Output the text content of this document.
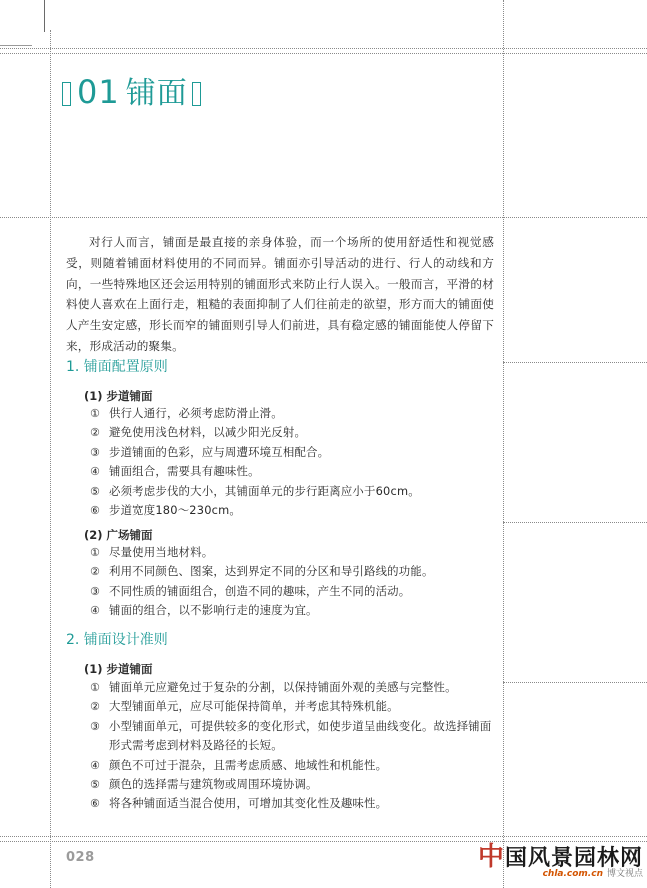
01 铺面

对行人而言，铺面是最直接的亲身体验，而一个场所的使用舒适性和视觉感受，则随着铺面材料使用的不同而异。铺面亦引导活动的进行、行人的动线和方向，一些特殊地区还会运用特别的铺面形式来防止行人误入。一般而言，平滑的材料使人喜欢在上面行走，粗糙的表面抑制了人们往前走的欲望，形方而大的铺面使人产生安定感，形长而窄的铺面则引导人们前进，具有稳定感的铺面能使人停留下来，形成活动的聚集。

1. 铺面配置原则
(1) 步道铺面
① 供行人通行，必须考虑防滑止滑。
② 避免使用浅色材料，以减少阳光反射。
③ 步道铺面的色彩，应与周遭环境互相配合。
④ 铺面组合，需要具有趣味性。
⑤ 必须考虑步伐的大小，其铺面单元的步行距离应小于60cm。
⑥ 步道宽度180～230cm。
(2) 广场铺面
① 尽量使用当地材料。
② 利用不同颜色、图案，达到界定不同的分区和导引路线的功能。
③ 不同性质的铺面组合，创造不同的趣味，产生不同的活动。
④ 铺面的组合，以不影响行走的速度为宜。
2. 铺面设计准则
(1) 步道铺面
① 铺面单元应避免过于复杂的分割，以保持铺面外观的美感与完整性。
② 大型铺面单元，应尽可能保持简单，并考虑其特殊机能。
③ 小型铺面单元，可提供较多的变化形式，如使步道呈曲线变化。故选择铺面形式需考虑到材料及路径的长短。
④ 颜色不可过于混杂，且需考虑质感、地域性和机能性。
⑤ 颜色的选择需与建筑物或周围环境协调。
⑥ 将各种铺面适当混合使用，可增加其变化性及趣味性。
028	中国风景园林网
chla.com.cn 博文视点
